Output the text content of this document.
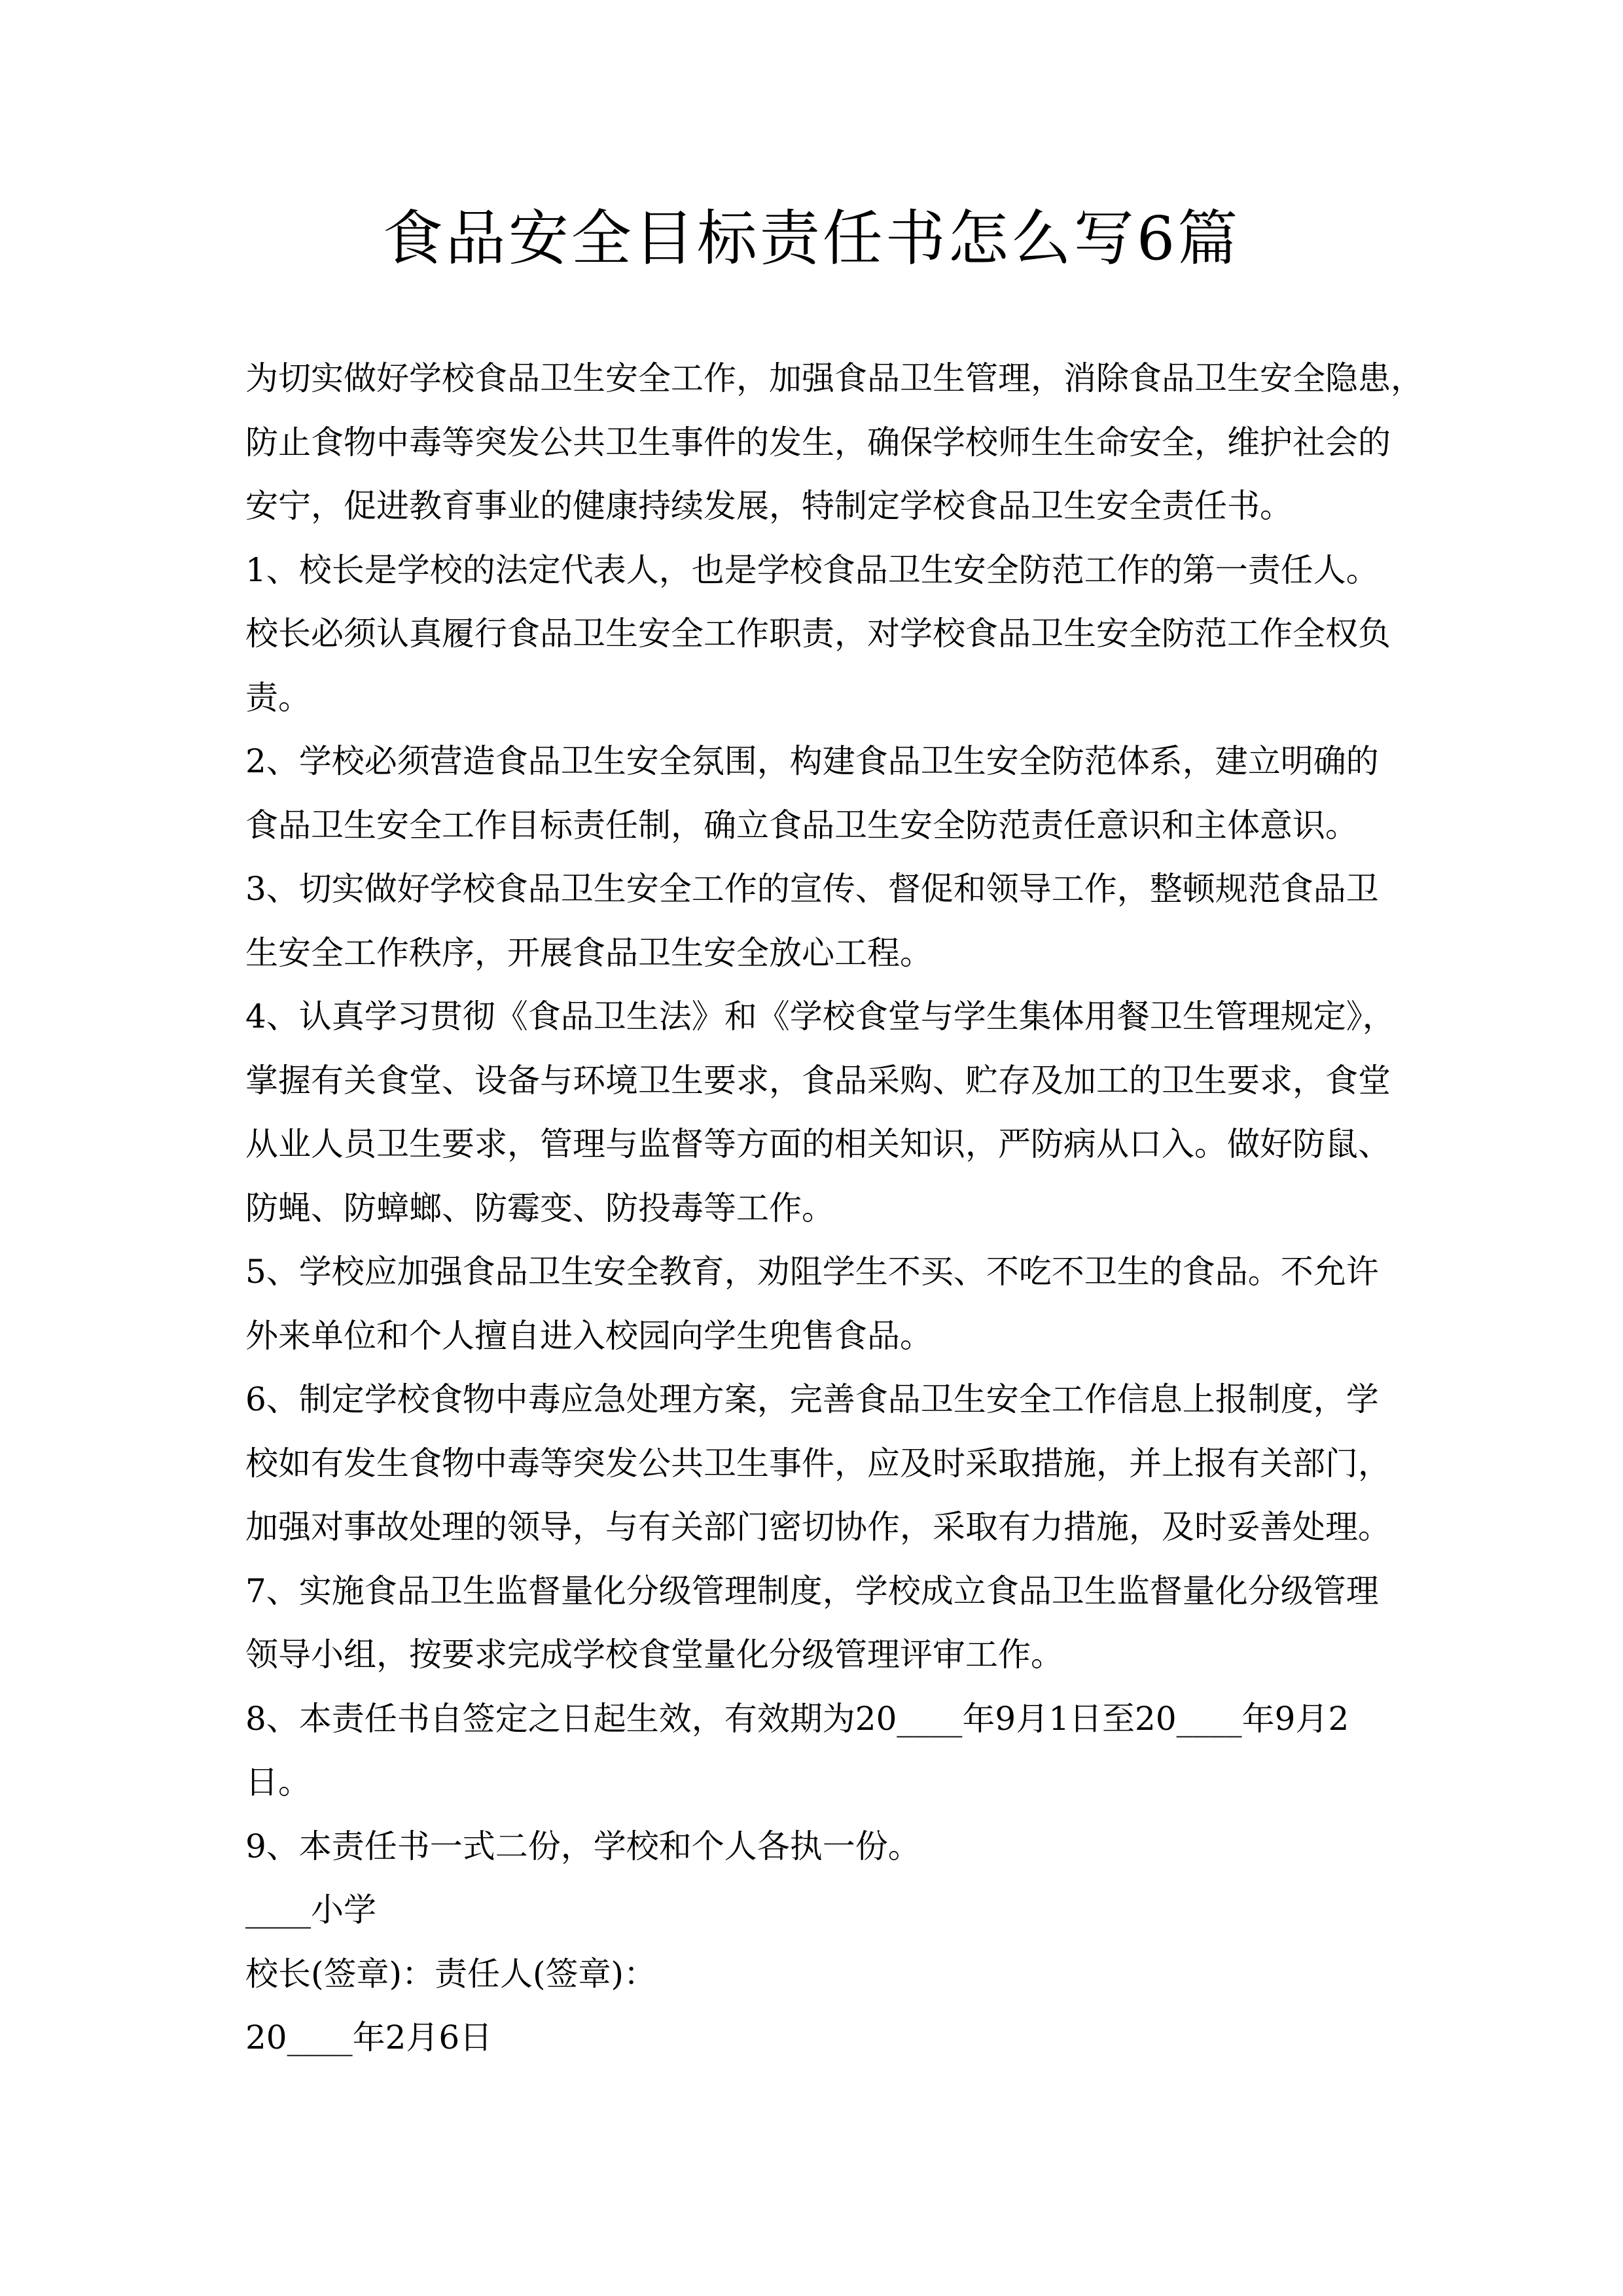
食品安全目标责任书怎么写6篇
为切实做好学校食品卫生安全工作，加强食品卫生管理，消除食品卫生安全隐患，
防止食物中毒等突发公共卫生事件的发生，确保学校师生生命安全，维护社会的
安宁，促进教育事业的健康持续发展，特制定学校食品卫生安全责任书。
1、校长是学校的法定代表人，也是学校食品卫生安全防范工作的第一责任人。
校长必须认真履行食品卫生安全工作职责，对学校食品卫生安全防范工作全权负
责。
2、学校必须营造食品卫生安全氛围，构建食品卫生安全防范体系，建立明确的
食品卫生安全工作目标责任制，确立食品卫生安全防范责任意识和主体意识。
3、切实做好学校食品卫生安全工作的宣传、督促和领导工作，整顿规范食品卫
生安全工作秩序，开展食品卫生安全放心工程。
4、认真学习贯彻《食品卫生法》和《学校食堂与学生集体用餐卫生管理规定》，
掌握有关食堂、设备与环境卫生要求，食品采购、贮存及加工的卫生要求，食堂
从业人员卫生要求，管理与监督等方面的相关知识，严防病从口入。做好防鼠、
防蝇、防蟑螂、防霉变、防投毒等工作。
5、学校应加强食品卫生安全教育，劝阻学生不买、不吃不卫生的食品。不允许
外来单位和个人擅自进入校园向学生兜售食品。
6、制定学校食物中毒应急处理方案，完善食品卫生安全工作信息上报制度，学
校如有发生食物中毒等突发公共卫生事件，应及时采取措施，并上报有关部门，
加强对事故处理的领导，与有关部门密切协作，采取有力措施，及时妥善处理。
7、实施食品卫生监督量化分级管理制度，学校成立食品卫生监督量化分级管理
领导小组，按要求完成学校食堂量化分级管理评审工作。
8、本责任书自签定之日起生效，有效期为20____年9月1日至20____年9月2
日。
9、本责任书一式二份，学校和个人各执一份。
____小学
校长(签章)：责任人(签章)：
20____年2月6日
